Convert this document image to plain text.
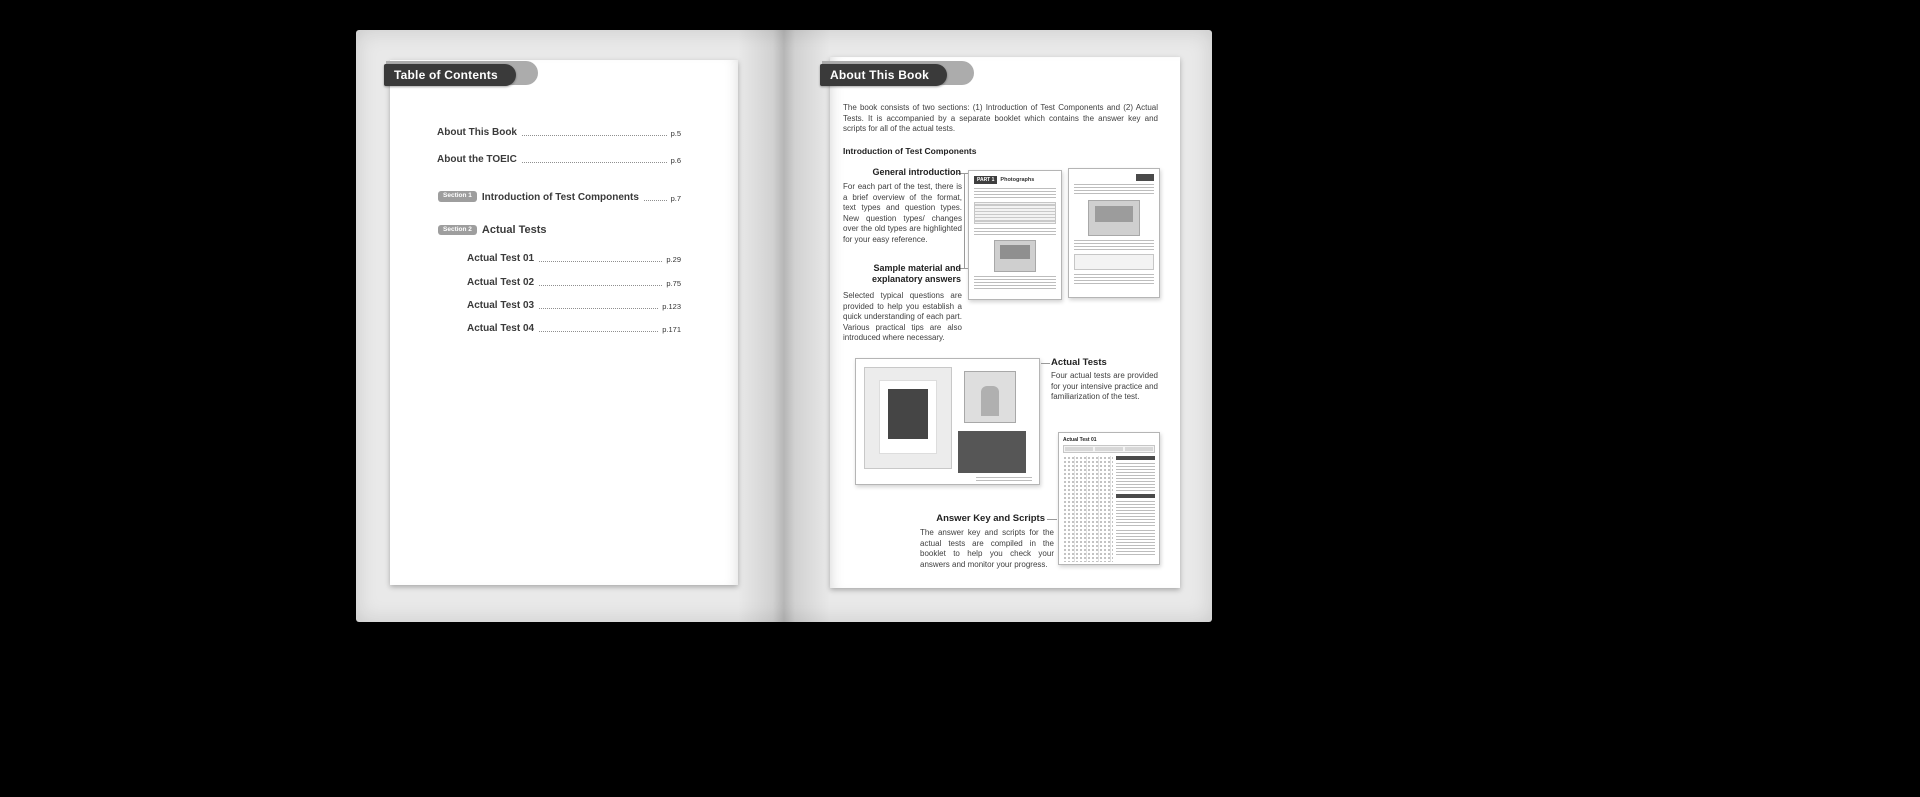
About This Book	p.5
About the TOEIC	p.6
Section 1	Introduction of Test Components	p.7
Section 2 Actual Tests
Actual Test 01	p.29
Actual Test 02	p.75
Actual Test 03	p.123
Actual Test 04	p.171
The book consists of two sections: (1) Introduction of Test Components and (2) Actual Tests. It is accompanied by a separate booklet which contains the answer key and scripts for all of the actual tests.
Introduction of Test Components
PART 1	Photographs
General introduction
For each part of the test, there is a brief overview of the format, text types and question types. New question types/ changes over the old types are highlighted for your easy reference.
Sample material and explanatory answers
Selected typical questions are provided to help you establish a quick understanding of each part. Various practical tips are also introduced where necessary.
Actual Tests
Four actual tests are provided for your intensive practice and familiarization of the test.
Actual Test 01
Answer Key and Scripts
The answer key and scripts for the actual tests are compiled in the booklet to help you check your answers and monitor your progress.
Table of Contents	About This Book
